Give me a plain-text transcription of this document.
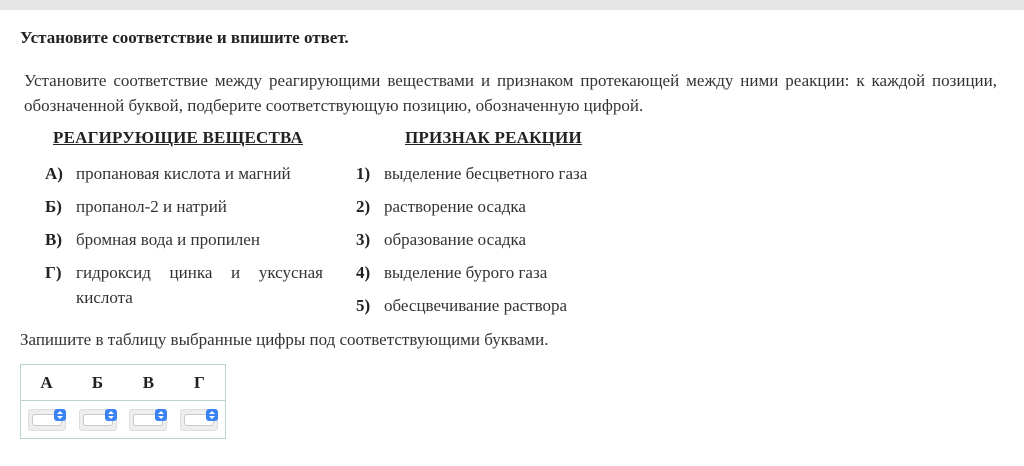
Установите соответствие и впишите ответ.
Установите соответствие между реагирующими веществами и признаком протекающей между ними реакции: к каждой позиции, обозначенной буквой, подберите соответствующую позицию, обозначенную цифрой.
РЕАГИРУЮЩИЕ ВЕЩЕСТВА	ПРИЗНАК РЕАКЦИИ
А) пропановая кислота и магний
Б) пропанол-2 и натрий
В) бромная вода и пропилен
Г) гидроксид цинка и уксусная кислота
1) выделение бесцветного газа
2) растворение осадка
3) образование осадка
4) выделение бурого газа
5) обесцвечивание раствора
Запишите в таблицу выбранные цифры под соответствующими буквами.
А	Б	В	Г
